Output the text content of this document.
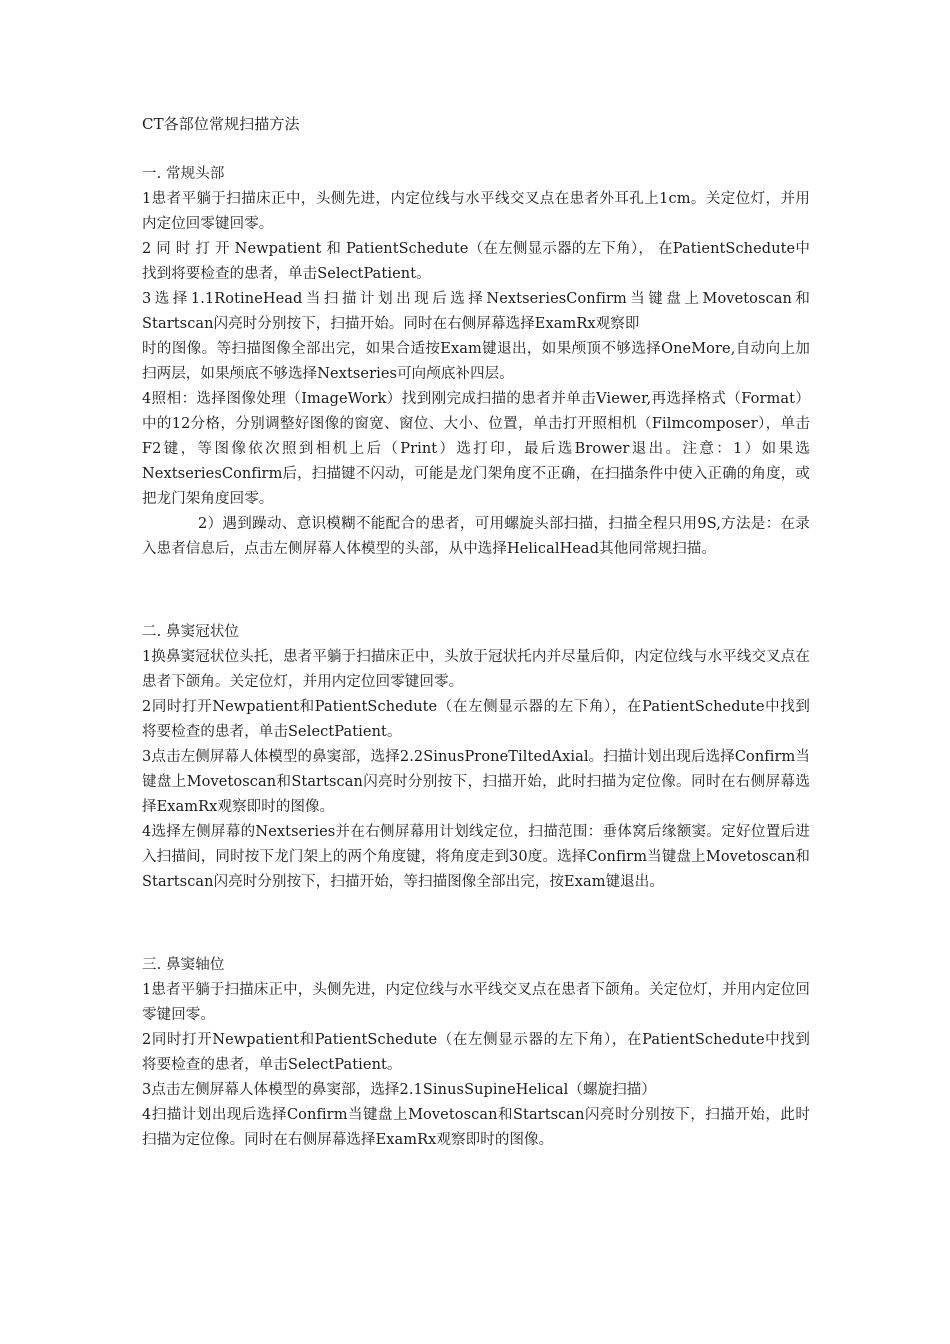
CT各部位常规扫描方法

一. 常规头部

1患者平躺于扫描床正中，头侧先进，内定位线与水平线交叉点在患者外耳孔上1cm。关定位灯，并用内定位回零键回零。

2 同 时 打 开 Newpatient 和 PatientSchedute（在左侧显示器的左下角）， 在PatientSchedute中找到将要检查的患者，单击SelectPatient。

3选择1.1RotineHead当扫描计划出现后选择NextseriesConfirm当键盘上Movetoscan和Startscan闪亮时分别按下，扫描开始。同时在右侧屏幕选择ExamRx观察即

时的图像。等扫描图像全部出完，如果合适按Exam键退出，如果颅顶不够选择OneMore,自动向上加扫两层，如果颅底不够选择Nextseries可向颅底补四层。

4照相：选择图像处理（ImageWork）找到刚完成扫描的患者并单击Viewer,再选择格式（Format）中的12分格，分别调整好图像的窗宽、窗位、大小、位置，单击打开照相机（Filmcomposer），单击F2键，等图像依次照到相机上后（Print）选打印，最后选Brower退出。注意：1）如果选NextseriesConfirm后，扫描键不闪动，可能是龙门架角度不正确，在扫描条件中使入正确的角度，或把龙门架角度回零。

2）遇到躁动、意识模糊不能配合的患者，可用螺旋头部扫描，扫描全程只用9S,方法是：在录入患者信息后，点击左侧屏幕人体模型的头部，从中选择HelicalHead其他同常规扫描。

二. 鼻窦冠状位

1换鼻窦冠状位头托，患者平躺于扫描床正中，头放于冠状托内并尽量后仰，内定位线与水平线交叉点在患者下颌角。关定位灯，并用内定位回零键回零。

2同时打开Newpatient和PatientSchedute（在左侧显示器的左下角），在PatientSchedute中找到将要检查的患者，单击SelectPatient。

3点击左侧屏幕人体模型的鼻窦部，选择2.2SinusProneTiltedAxial。扫描计划出现后选择Confirm当键盘上Movetoscan和Startscan闪亮时分别按下，扫描开始，此时扫描为定位像。同时在右侧屏幕选择ExamRx观察即时的图像。

4选择左侧屏幕的Nextseries并在右侧屏幕用计划线定位，扫描范围：垂体窝后缘额窦。定好位置后进入扫描间，同时按下龙门架上的两个角度键，将角度走到30度。选择Confirm当键盘上Movetoscan和Startscan闪亮时分别按下，扫描开始，等扫描图像全部出完，按Exam键退出。

三. 鼻窦轴位

1患者平躺于扫描床正中，头侧先进，内定位线与水平线交叉点在患者下颌角。关定位灯，并用内定位回零键回零。

2同时打开Newpatient和PatientSchedute（在左侧显示器的左下角），在PatientSchedute中找到将要检查的患者，单击SelectPatient。

3点击左侧屏幕人体模型的鼻窦部，选择2.1SinusSupineHelical（螺旋扫描）

4扫描计划出现后选择Confirm当键盘上Movetoscan和Startscan闪亮时分别按下，扫描开始，此时扫描为定位像。同时在右侧屏幕选择ExamRx观察即时的图像。
